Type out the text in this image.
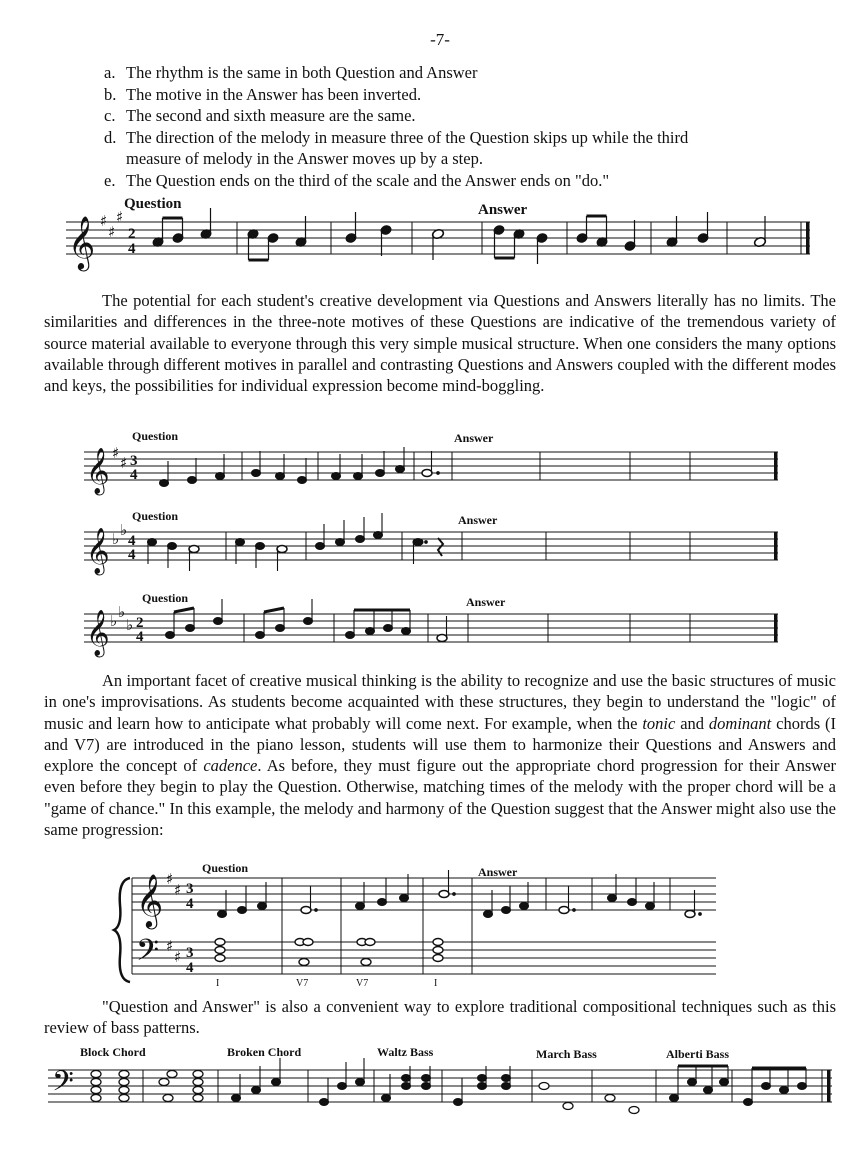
-7-
a. The rhythm is the same in both Question and Answer
b. The motive in the Answer has been inverted.
c. The second and sixth measure are the same.
d. The direction of the melody in measure three of the Question skips up while the third measure of melody in the Answer moves up by a step.
e. The Question ends on the third of the scale and the Answer ends on "do."
𝄞 ♯
♯
♯
2
4
Question	Answer
The potential for each student's creative development via Questions and Answers literally has no limits. The similarities and differences in the three-note motives of these Questions are indicative of the tremendous variety of source material available to everyone through this very simple musical structure. When one considers the many options available through different motives in parallel and contrasting Questions and Answers coupled with the different modes and keys, the possibilities for individual expression become mind-boggling.
𝄞 ♯
♯ 3
4
Question	Answer
𝄞 ♭ ♭
4
4
Question	Answer
𝄞 ♭ ♭
♭ 2
4
Question	Answer
An important facet of creative musical thinking is the ability to recognize and use the basic structures of music in one's improvisations. As students become acquainted with these structures, they begin to understand the "logic" of music and learn how to anticipate what probably will come next. For example, when the tonic and dominant chords (I and V7) are introduced in the piano lesson, students will use them to harmonize their Questions and Answers and explore the concept of cadence. As before, they must figure out the appropriate chord progression for their Answer even before they begin to play the Question. Otherwise, matching times of the melody with the proper chord will be a "game of chance." In this example, the melody and harmony of the Question suggest that the Answer might also use the same progression:
𝄞
𝄢
♯
♯
♯
♯
3
4
3
4
Question	Answer
I	V7	V7	I
"Question and Answer" is also a convenient way to explore traditional compositional techniques such as this review of bass patterns.
𝄢
Block Chord	Broken Chord	Waltz Bass	March Bass	Alberti Bass
